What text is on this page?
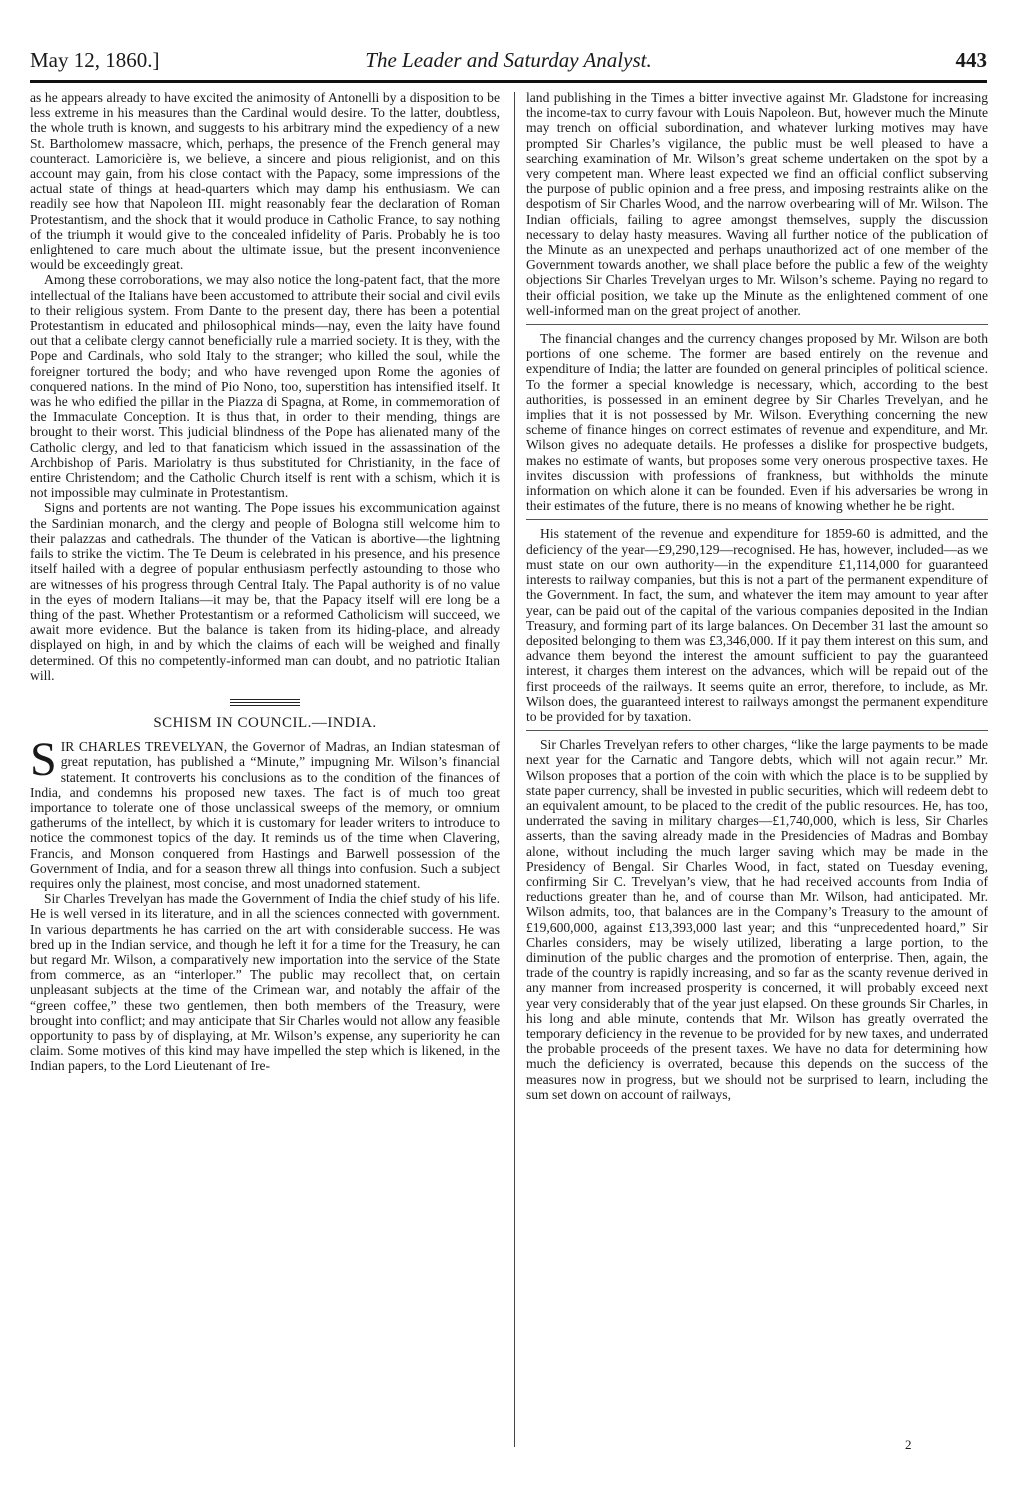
May 12, 1860.]	The Leader and Saturday Analyst.	443

as he appears already to have excited the animosity of Antonelli by a disposition to be less extreme in his measures than the Cardinal would desire. To the latter, doubtless, the whole truth is known, and suggests to his arbitrary mind the expediency of a new St. Bartholomew massacre, which, perhaps, the presence of the French general may counteract. Lamoricière is, we believe, a sincere and pious religionist, and on this account may gain, from his close contact with the Papacy, some impressions of the actual state of things at head-quarters which may damp his enthusiasm. We can readily see how that Napoleon III. might reasonably fear the declaration of Roman Protestantism, and the shock that it would produce in Catholic France, to say nothing of the triumph it would give to the concealed infidelity of Paris. Probably he is too enlightened to care much about the ultimate issue, but the present inconvenience would be exceedingly great.

Among these corroborations, we may also notice the long-patent fact, that the more intellectual of the Italians have been accustomed to attribute their social and civil evils to their religious system. From Dante to the present day, there has been a potential Protestantism in educated and philosophical minds—nay, even the laity have found out that a celibate clergy cannot beneficially rule a married society. It is they, with the Pope and Cardinals, who sold Italy to the stranger; who killed the soul, while the foreigner tortured the body; and who have revenged upon Rome the agonies of conquered nations. In the mind of Pio Nono, too, superstition has intensified itself. It was he who edified the pillar in the Piazza di Spagna, at Rome, in commemoration of the Immaculate Conception. It is thus that, in order to their mending, things are brought to their worst. This judicial blindness of the Pope has alienated many of the Catholic clergy, and led to that fanaticism which issued in the assassination of the Archbishop of Paris. Mariolatry is thus substituted for Christianity, in the face of entire Christendom; and the Catholic Church itself is rent with a schism, which it is not impossible may culminate in Protestantism.

Signs and portents are not wanting. The Pope issues his excommunication against the Sardinian monarch, and the clergy and people of Bologna still welcome him to their palazzas and cathedrals. The thunder of the Vatican is abortive—the lightning fails to strike the victim. The Te Deum is celebrated in his presence, and his presence itself hailed with a degree of popular enthusiasm perfectly astounding to those who are witnesses of his progress through Central Italy. The Papal authority is of no value in the eyes of modern Italians—it may be, that the Papacy itself will ere long be a thing of the past. Whether Protestantism or a reformed Catholicism will succeed, we await more evidence. But the balance is taken from its hiding-place, and already displayed on high, in and by which the claims of each will be weighed and finally determined. Of this no competently-informed man can doubt, and no patriotic Italian will.

SCHISM IN COUNCIL.—INDIA.

SIR CHARLES TREVELYAN, the Governor of Madras, an Indian statesman of great reputation, has published a “Minute,” impugning Mr. Wilson’s financial statement. It controverts his conclusions as to the condition of the finances of India, and condemns his proposed new taxes. The fact is of much too great importance to tolerate one of those unclassical sweeps of the memory, or omnium gatherums of the intellect, by which it is customary for leader writers to introduce to notice the commonest topics of the day. It reminds us of the time when Clavering, Francis, and Monson conquered from Hastings and Barwell possession of the Government of India, and for a season threw all things into confusion. Such a subject requires only the plainest, most concise, and most unadorned statement.

Sir Charles Trevelyan has made the Government of India the chief study of his life. He is well versed in its literature, and in all the sciences connected with government. In various departments he has carried on the art with considerable success. He was bred up in the Indian service, and though he left it for a time for the Treasury, he can but regard Mr. Wilson, a comparatively new importation into the service of the State from commerce, as an “interloper.” The public may recollect that, on certain unpleasant subjects at the time of the Crimean war, and notably the affair of the “green coffee,” these two gentlemen, then both members of the Treasury, were brought into conflict; and may anticipate that Sir Charles would not allow any feasible opportunity to pass by of displaying, at Mr. Wilson’s expense, any superiority he can claim. Some motives of this kind may have impelled the step which is likened, in the Indian papers, to the Lord Lieutenant of Ire-

land publishing in the Times a bitter invective against Mr. Gladstone for increasing the income-tax to curry favour with Louis Napoleon. But, however much the Minute may trench on official subordination, and whatever lurking motives may have prompted Sir Charles’s vigilance, the public must be well pleased to have a searching examination of Mr. Wilson’s great scheme undertaken on the spot by a very competent man. Where least expected we find an official conflict subserving the purpose of public opinion and a free press, and imposing restraints alike on the despotism of Sir Charles Wood, and the narrow overbearing will of Mr. Wilson. The Indian officials, failing to agree amongst themselves, supply the discussion necessary to delay hasty measures. Waving all further notice of the publication of the Minute as an unexpected and perhaps unauthorized act of one member of the Government towards another, we shall place before the public a few of the weighty objections Sir Charles Trevelyan urges to Mr. Wilson’s scheme. Paying no regard to their official position, we take up the Minute as the enlightened comment of one well-informed man on the great project of another.

The financial changes and the currency changes proposed by Mr. Wilson are both portions of one scheme. The former are based entirely on the revenue and expenditure of India; the latter are founded on general principles of political science. To the former a special knowledge is necessary, which, according to the best authorities, is possessed in an eminent degree by Sir Charles Trevelyan, and he implies that it is not possessed by Mr. Wilson. Everything concerning the new scheme of finance hinges on correct estimates of revenue and expenditure, and Mr. Wilson gives no adequate details. He professes a dislike for prospective budgets, makes no estimate of wants, but proposes some very onerous prospective taxes. He invites discussion with professions of frankness, but withholds the minute information on which alone it can be founded. Even if his adversaries be wrong in their estimates of the future, there is no means of knowing whether he be right.

His statement of the revenue and expenditure for 1859-60 is admitted, and the deficiency of the year—£9,290,129—recognised. He has, however, included—as we must state on our own authority—in the expenditure £1,114,000 for guaranteed interests to railway companies, but this is not a part of the permanent expenditure of the Government. In fact, the sum, and whatever the item may amount to year after year, can be paid out of the capital of the various companies deposited in the Indian Treasury, and forming part of its large balances. On December 31 last the amount so deposited belonging to them was £3,346,000. If it pay them interest on this sum, and advance them beyond the interest the amount sufficient to pay the guaranteed interest, it charges them interest on the advances, which will be repaid out of the first proceeds of the railways. It seems quite an error, therefore, to include, as Mr. Wilson does, the guaranteed interest to railways amongst the permanent expenditure to be provided for by taxation.

Sir Charles Trevelyan refers to other charges, “like the large payments to be made next year for the Carnatic and Tangore debts, which will not again recur.” Mr. Wilson proposes that a portion of the coin with which the place is to be supplied by state paper currency, shall be invested in public securities, which will redeem debt to an equivalent amount, to be placed to the credit of the public resources. He, has too, underrated the saving in military charges—£1,740,000, which is less, Sir Charles asserts, than the saving already made in the Presidencies of Madras and Bombay alone, without including the much larger saving which may be made in the Presidency of Bengal. Sir Charles Wood, in fact, stated on Tuesday evening, confirming Sir C. Trevelyan’s view, that he had received accounts from India of reductions greater than he, and of course than Mr. Wilson, had anticipated. Mr. Wilson admits, too, that balances are in the Company’s Treasury to the amount of £19,600,000, against £13,393,000 last year; and this “unprecedented hoard,” Sir Charles considers, may be wisely utilized, liberating a large portion, to the diminution of the public charges and the promotion of enterprise. Then, again, the trade of the country is rapidly increasing, and so far as the scanty revenue derived in any manner from increased prosperity is concerned, it will probably exceed next year very considerably that of the year just elapsed. On these grounds Sir Charles, in his long and able minute, contends that Mr. Wilson has greatly overrated the temporary deficiency in the revenue to be provided for by new taxes, and underrated the probable proceeds of the present taxes. We have no data for determining how much the deficiency is overrated, because this depends on the success of the measures now in progress, but we should not be surprised to learn, including the sum set down on account of railways,

2
